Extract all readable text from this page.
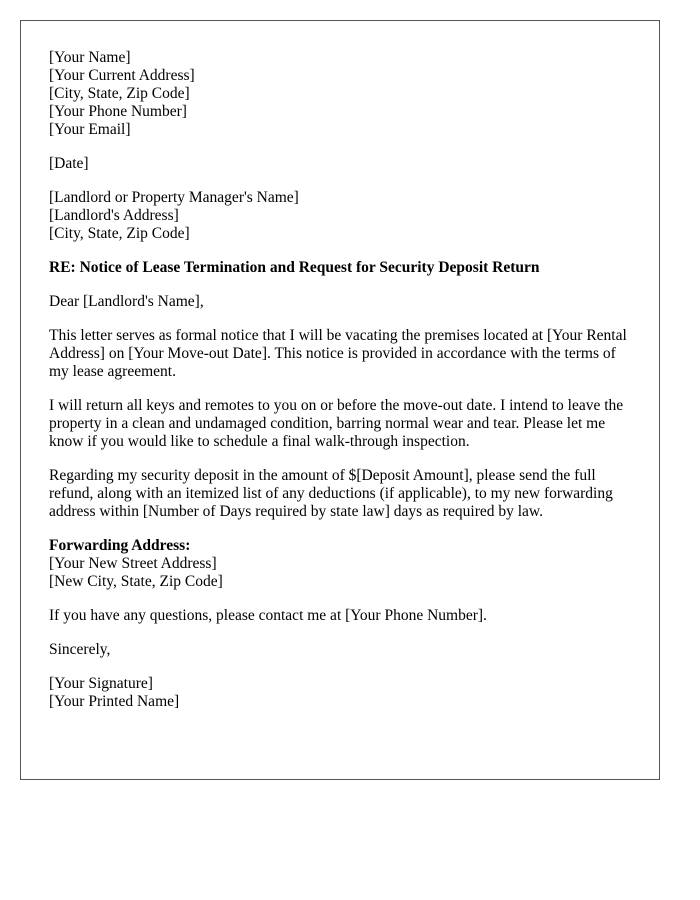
[Your Name]
[Your Current Address]
[City, State, Zip Code]
[Your Phone Number]
[Your Email]
[Date]
[Landlord or Property Manager's Name]
[Landlord's Address]
[City, State, Zip Code]
RE: Notice of Lease Termination and Request for Security Deposit Return

Dear [Landlord's Name],

This letter serves as formal notice that I will be vacating the premises located at [Your Rental Address] on [Your Move-out Date]. This notice is provided in accordance with the terms of my lease agreement.

I will return all keys and remotes to you on or before the move-out date. I intend to leave the property in a clean and undamaged condition, barring normal wear and tear. Please let me know if you would like to schedule a final walk-through inspection.

Regarding my security deposit in the amount of $[Deposit Amount], please send the full refund, along with an itemized list of any deductions (if applicable), to my new forwarding address within [Number of Days required by state law] days as required by law.

Forwarding Address:
[Your New Street Address]
[New City, State, Zip Code]

If you have any questions, please contact me at [Your Phone Number].

Sincerely,

[Your Signature]
[Your Printed Name]
